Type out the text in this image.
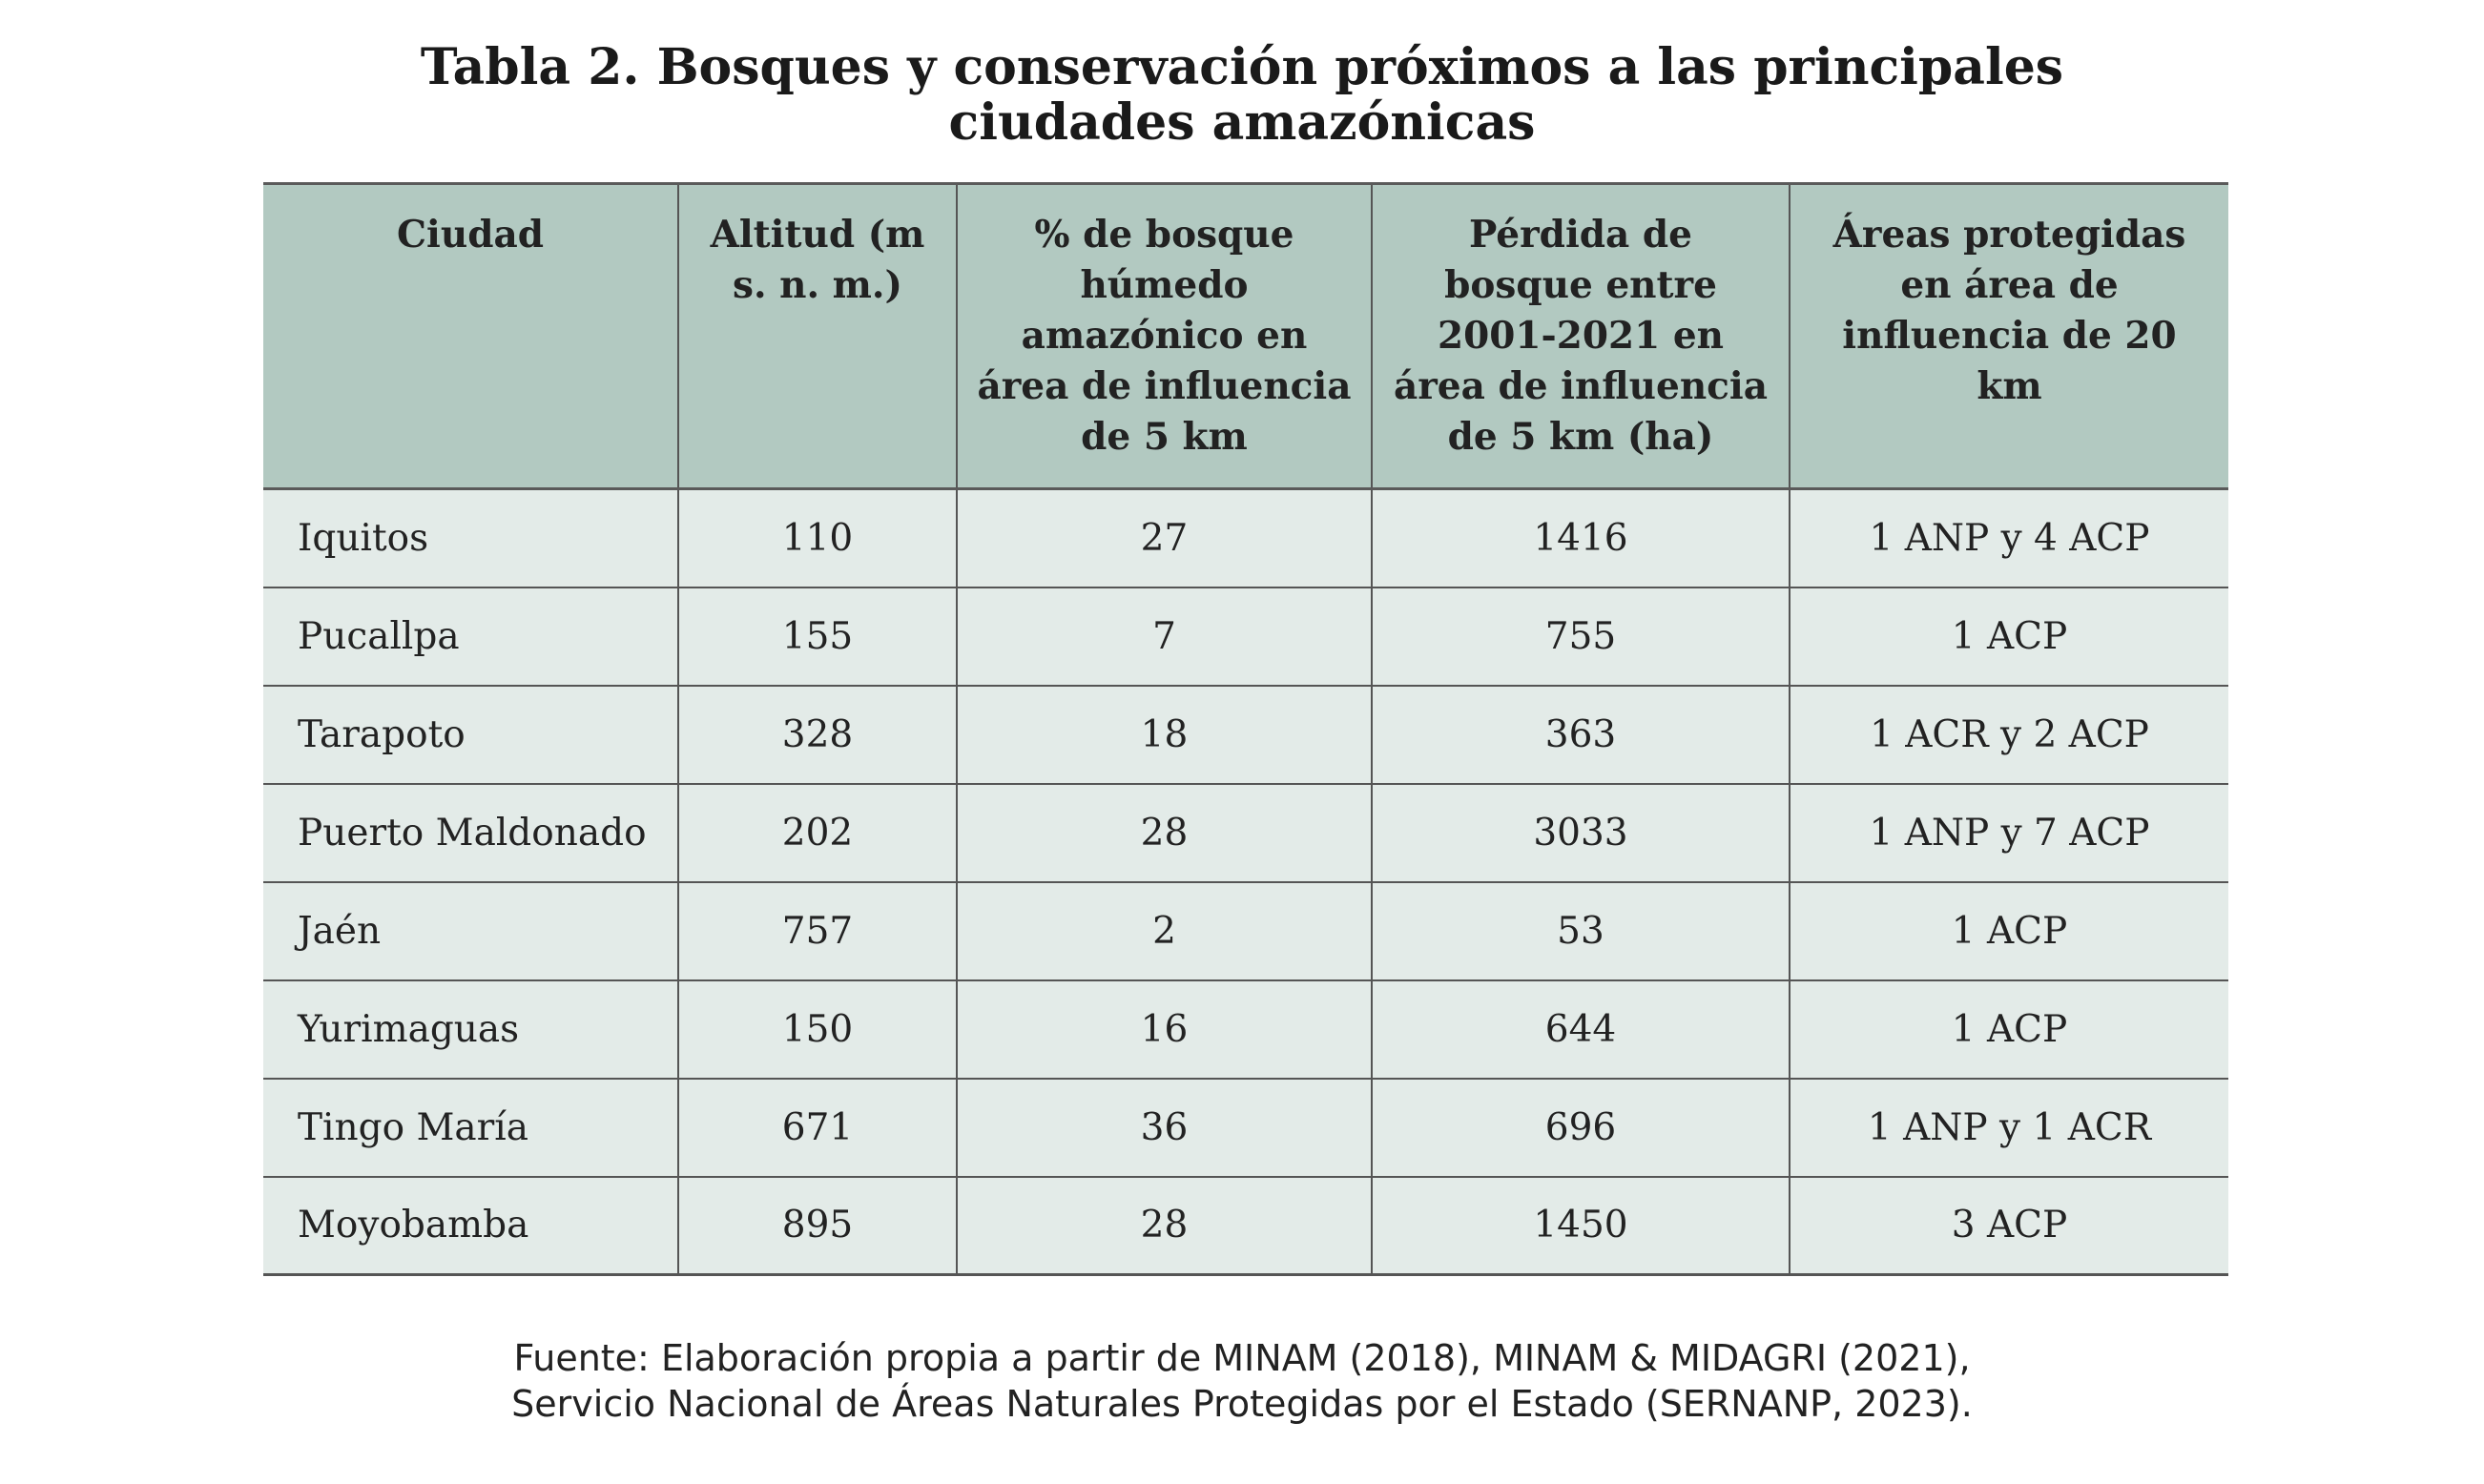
Tabla 2. Bosques y conservación próximos a las principales
ciudades amazónicas
Ciudad	Altitud (m s. n. m.)	% de bosque húmedo amazónico en área de influencia de 5 km	Pérdida de bosque entre 2001-2021 en área de influencia de 5 km (ha)	Áreas protegidas en área de influencia de 20 km
Iquitos	110	27	1416	1 ANP y 4 ACP
Pucallpa	155	7	755	1 ACP
Tarapoto	328	18	363	1 ACR y 2 ACP
Puerto Maldonado	202	28	3033	1 ANP y 7 ACP
Jaén	757	2	53	1 ACP
Yurimaguas	150	16	644	1 ACP
Tingo María	671	36	696	1 ANP y 1 ACR
Moyobamba	895	28	1450	3 ACP
Fuente: Elaboración propia a partir de MINAM (2018), MINAM & MIDAGRI (2021),
Servicio Nacional de Áreas Naturales Protegidas por el Estado (SERNANP, 2023).
